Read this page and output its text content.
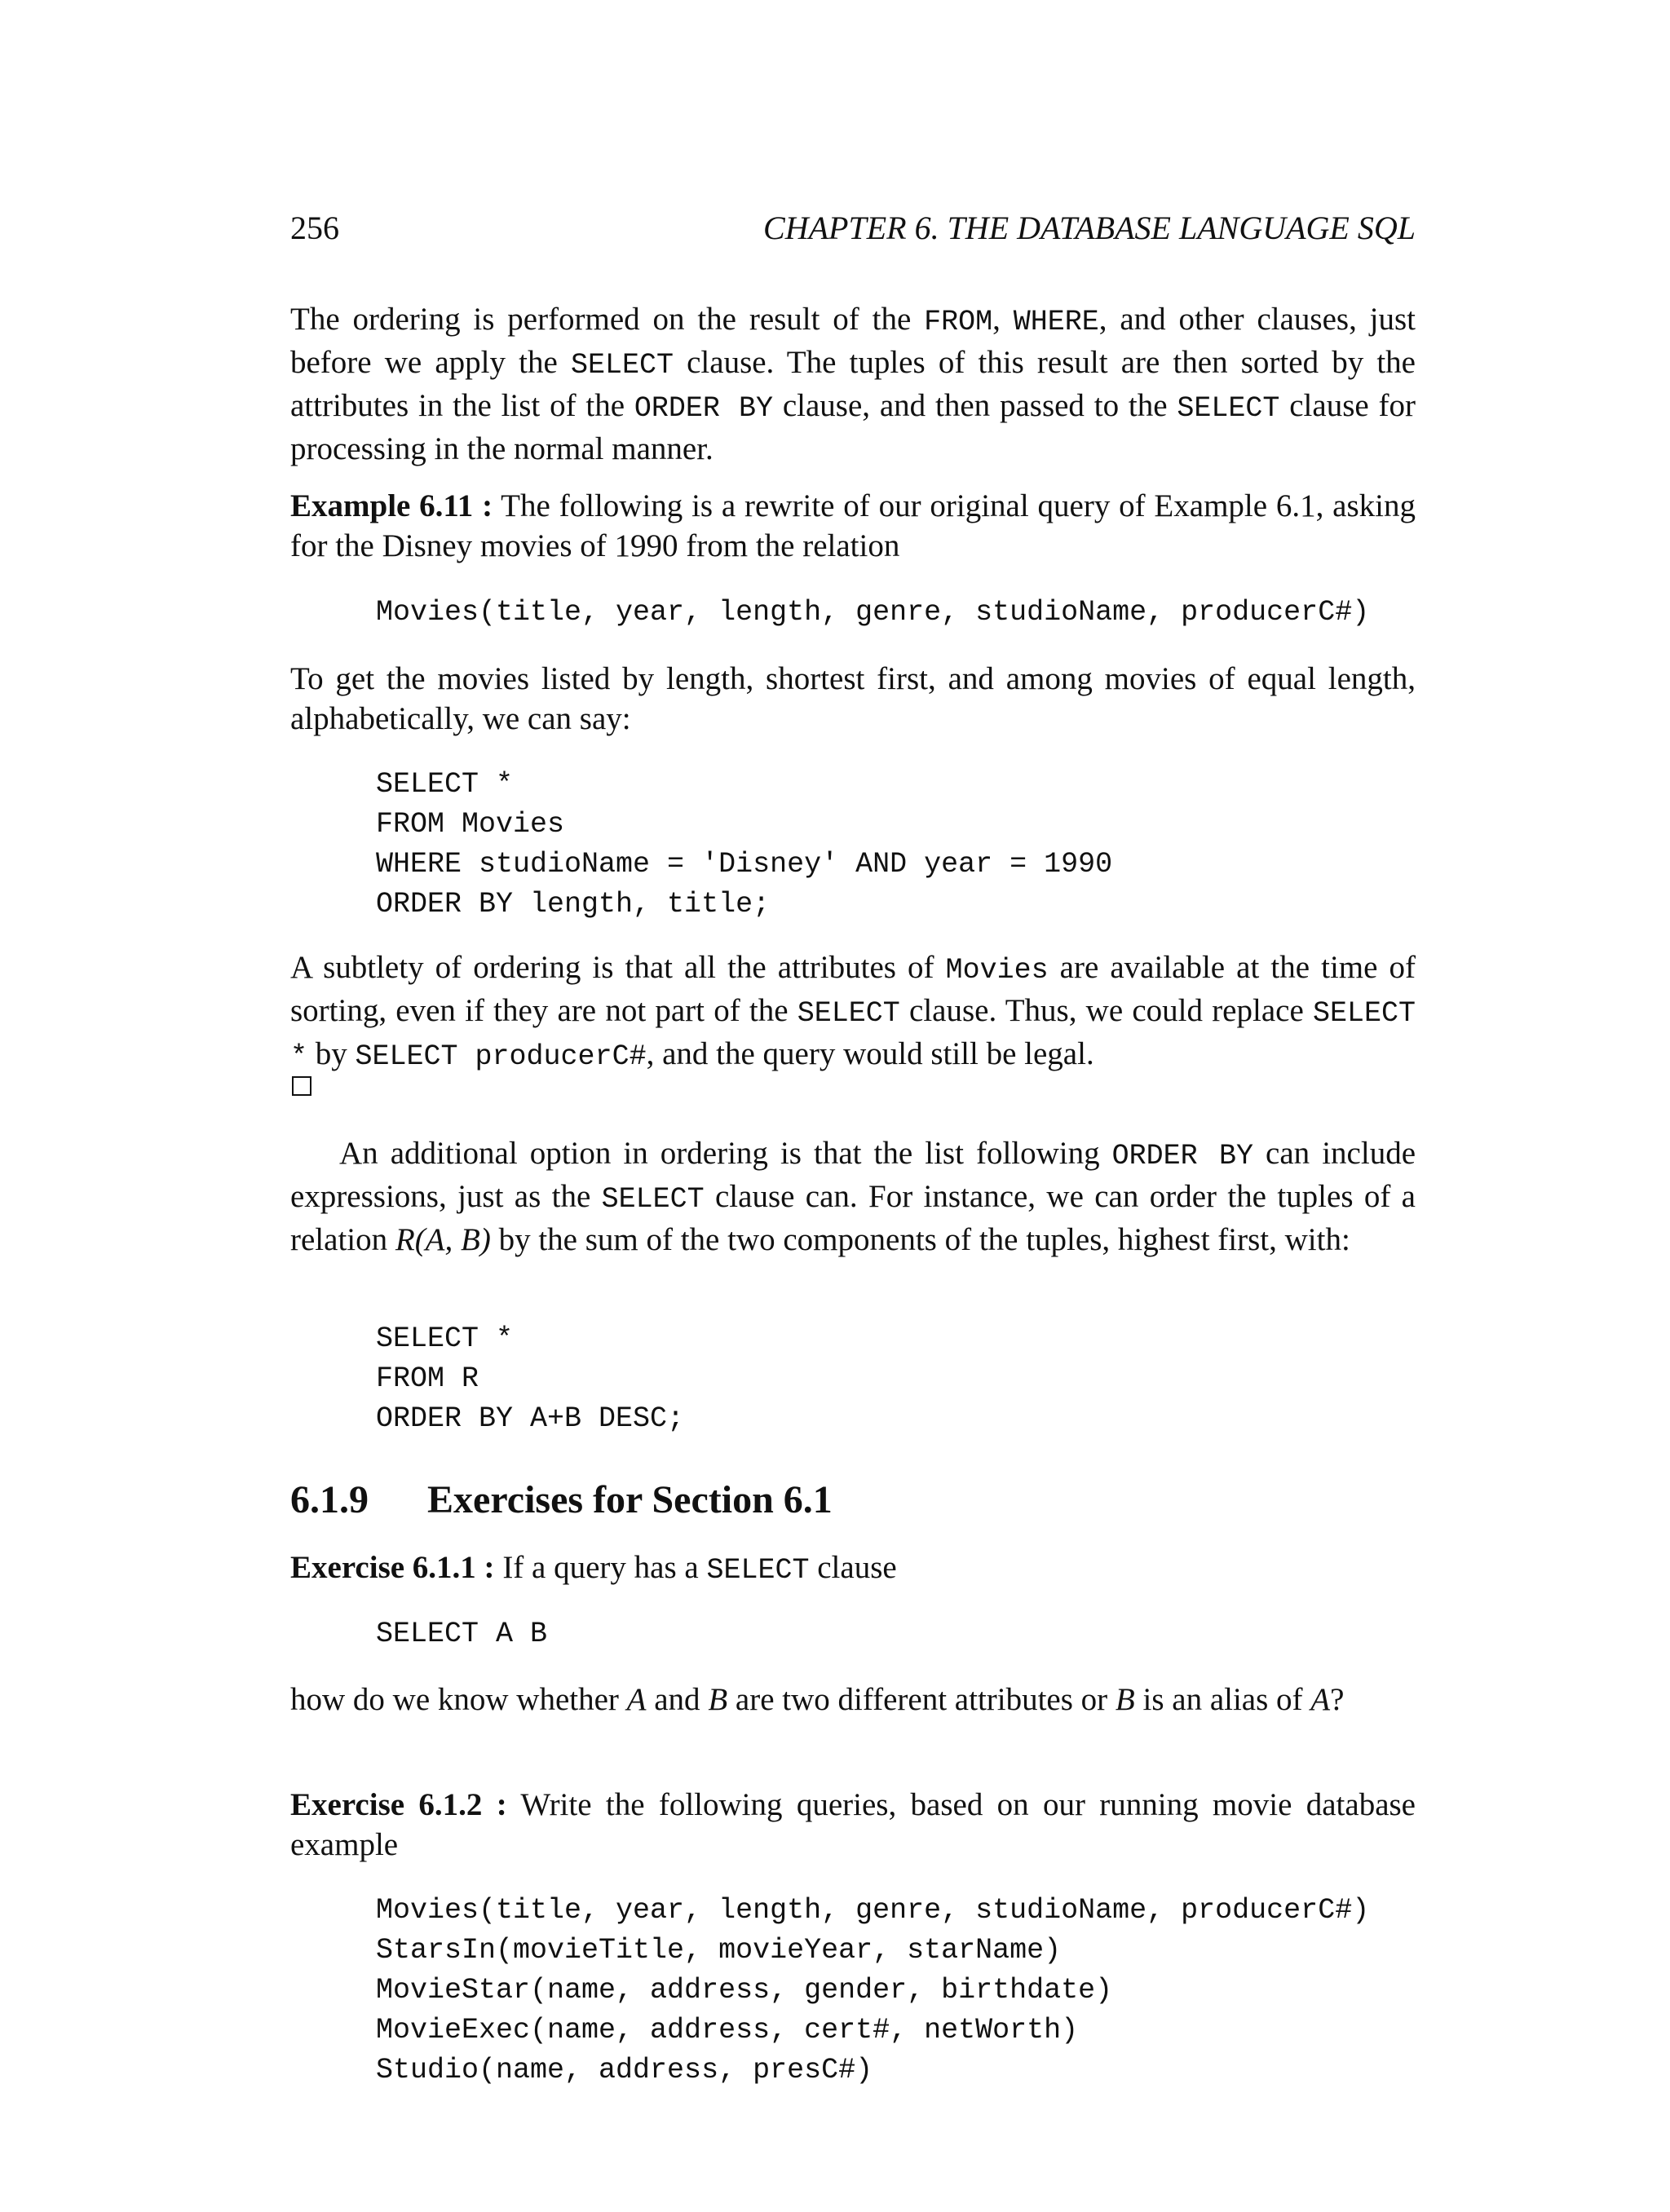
256	CHAPTER 6. THE DATABASE LANGUAGE SQL

The ordering is performed on the result of the FROM, WHERE, and other clauses, just before we apply the SELECT clause. The tuples of this result are then sorted by the attributes in the list of the ORDER BY clause, and then passed to the SELECT clause for processing in the normal manner.

Example 6.11 : The following is a rewrite of our original query of Example 6.1, asking for the Disney movies of 1990 from the relation

Movies(title, year, length, genre, studioName, producerC#)

To get the movies listed by length, shortest first, and among movies of equal length, alphabetically, we can say:

SELECT *
FROM Movies
WHERE studioName = 'Disney' AND year = 1990
ORDER BY length, title;

A subtlety of ordering is that all the attributes of Movies are available at the time of sorting, even if they are not part of the SELECT clause. Thus, we could replace SELECT * by SELECT producerC#, and the query would still be legal.

An additional option in ordering is that the list following ORDER BY can include expressions, just as the SELECT clause can. For instance, we can order the tuples of a relation R(A, B) by the sum of the two components of the tuples, highest first, with:

SELECT *
FROM R
ORDER BY A+B DESC;
6.1.9 Exercises for Section 6.1

Exercise 6.1.1 : If a query has a SELECT clause

SELECT A B

how do we know whether A and B are two different attributes or B is an alias of A?

Exercise 6.1.2 : Write the following queries, based on our running movie database example

Movies(title, year, length, genre, studioName, producerC#)
StarsIn(movieTitle, movieYear, starName)
MovieStar(name, address, gender, birthdate)
MovieExec(name, address, cert#, netWorth)
Studio(name, address, presC#)
